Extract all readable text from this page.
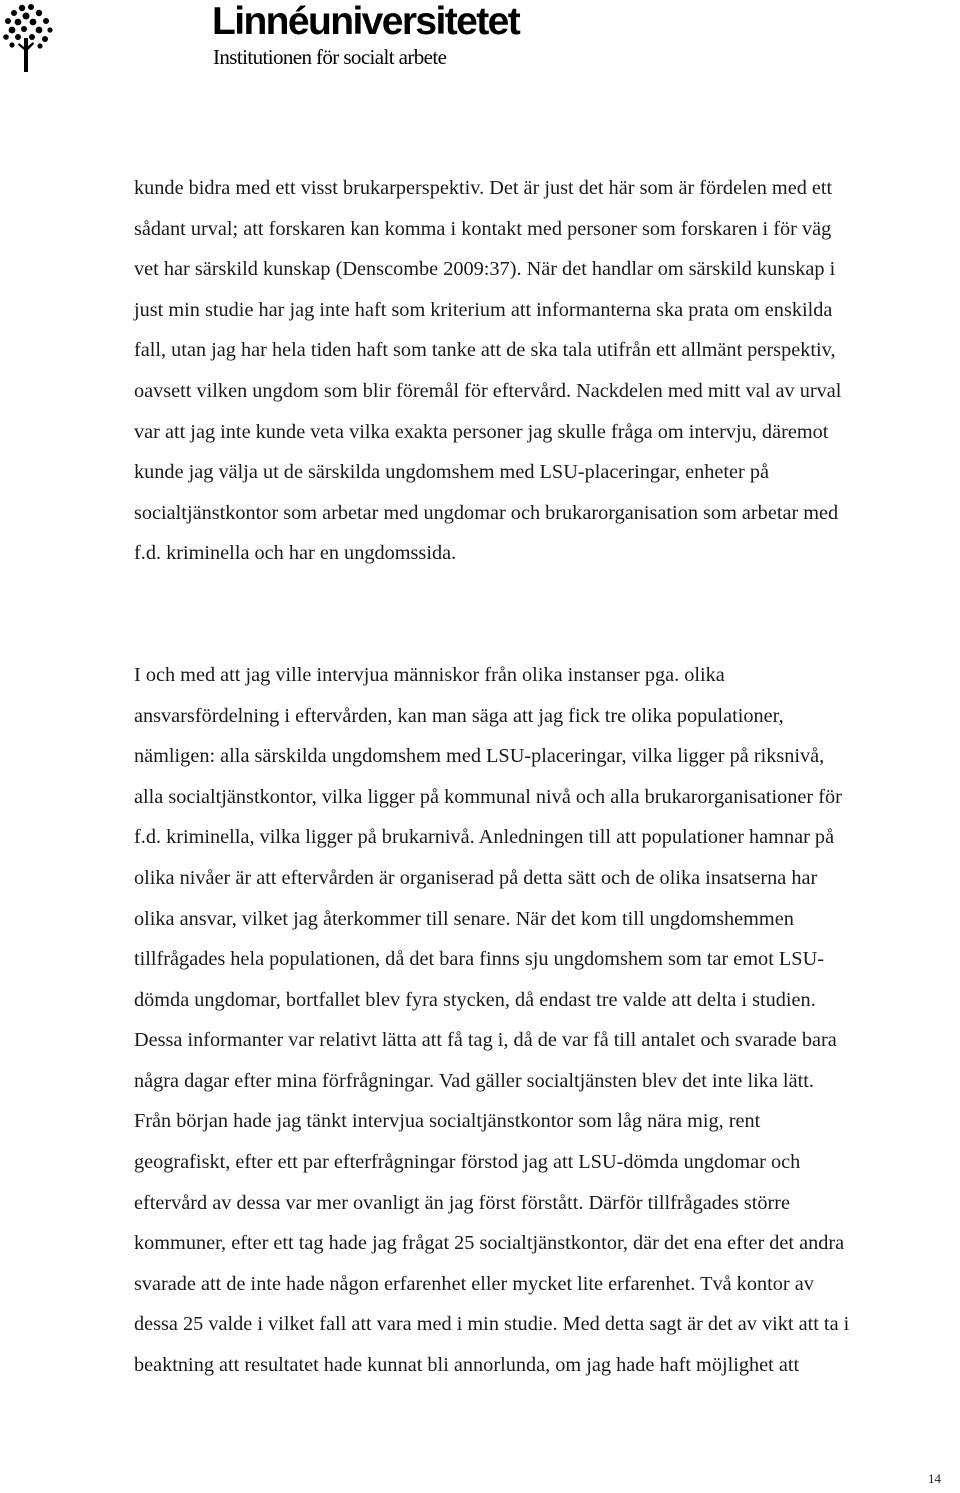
Linnéuniversitetet
Institutionen för socialt arbete

kunde bidra med ett visst brukarperspektiv. Det är just det här som är fördelen med ett
sådant urval; att forskaren kan komma i kontakt med personer som forskaren i för väg
vet har särskild kunskap (Denscombe 2009:37). När det handlar om särskild kunskap i
just min studie har jag inte haft som kriterium att informanterna ska prata om enskilda
fall, utan jag har hela tiden haft som tanke att de ska tala utifrån ett allmänt perspektiv,
oavsett vilken ungdom som blir föremål för eftervård. Nackdelen med mitt val av urval
var att jag inte kunde veta vilka exakta personer jag skulle fråga om intervju, däremot
kunde jag välja ut de särskilda ungdomshem med LSU-placeringar, enheter på
socialtjänstkontor som arbetar med ungdomar och brukarorganisation som arbetar med
f.d. kriminella och har en ungdomssida.

I och med att jag ville intervjua människor från olika instanser pga. olika
ansvarsfördelning i eftervården, kan man säga att jag fick tre olika populationer,
nämligen: alla särskilda ungdomshem med LSU-placeringar, vilka ligger på riksnivå,
alla socialtjänstkontor, vilka ligger på kommunal nivå och alla brukarorganisationer för
f.d. kriminella, vilka ligger på brukarnivå. Anledningen till att populationer hamnar på
olika nivåer är att eftervården är organiserad på detta sätt och de olika insatserna har
olika ansvar, vilket jag återkommer till senare. När det kom till ungdomshemmen
tillfrågades hela populationen, då det bara finns sju ungdomshem som tar emot LSU-
dömda ungdomar, bortfallet blev fyra stycken, då endast tre valde att delta i studien.
Dessa informanter var relativt lätta att få tag i, då de var få till antalet och svarade bara
några dagar efter mina förfrågningar. Vad gäller socialtjänsten blev det inte lika lätt.
Från början hade jag tänkt intervjua socialtjänstkontor som låg nära mig, rent
geografiskt, efter ett par efterfrågningar förstod jag att LSU-dömda ungdomar och
eftervård av dessa var mer ovanligt än jag först förstått. Därför tillfrågades större
kommuner, efter ett tag hade jag frågat 25 socialtjänstkontor, där det ena efter det andra
svarade att de inte hade någon erfarenhet eller mycket lite erfarenhet. Två kontor av
dessa 25 valde i vilket fall att vara med i min studie. Med detta sagt är det av vikt att ta i
beaktning att resultatet hade kunnat bli annorlunda, om jag hade haft möjlighet att

14
